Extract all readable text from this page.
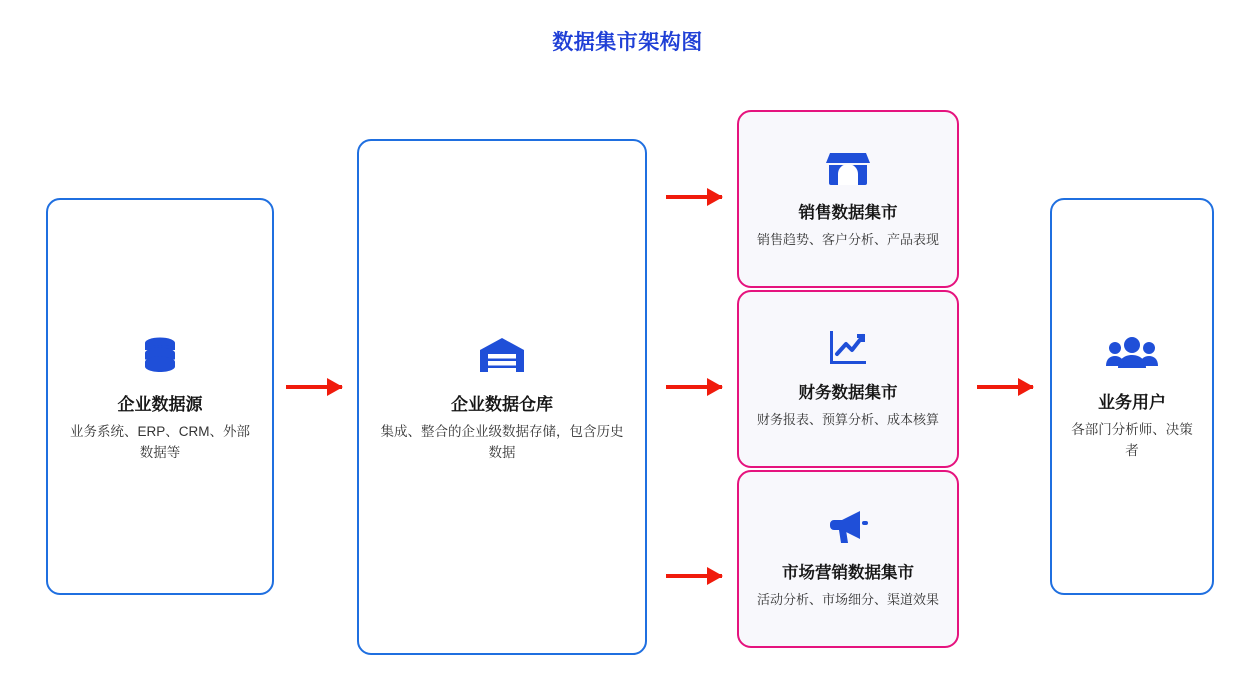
数据集市架构图
企业数据源
业务系统、ERP、CRM、外部数据等
企业数据仓库
集成、整合的企业级数据存储，包含历史数据
销售数据集市
销售趋势、客户分析、产品表现
财务数据集市
财务报表、预算分析、成本核算
市场营销数据集市
活动分析、市场细分、渠道效果
业务用户
各部门分析师、决策者
